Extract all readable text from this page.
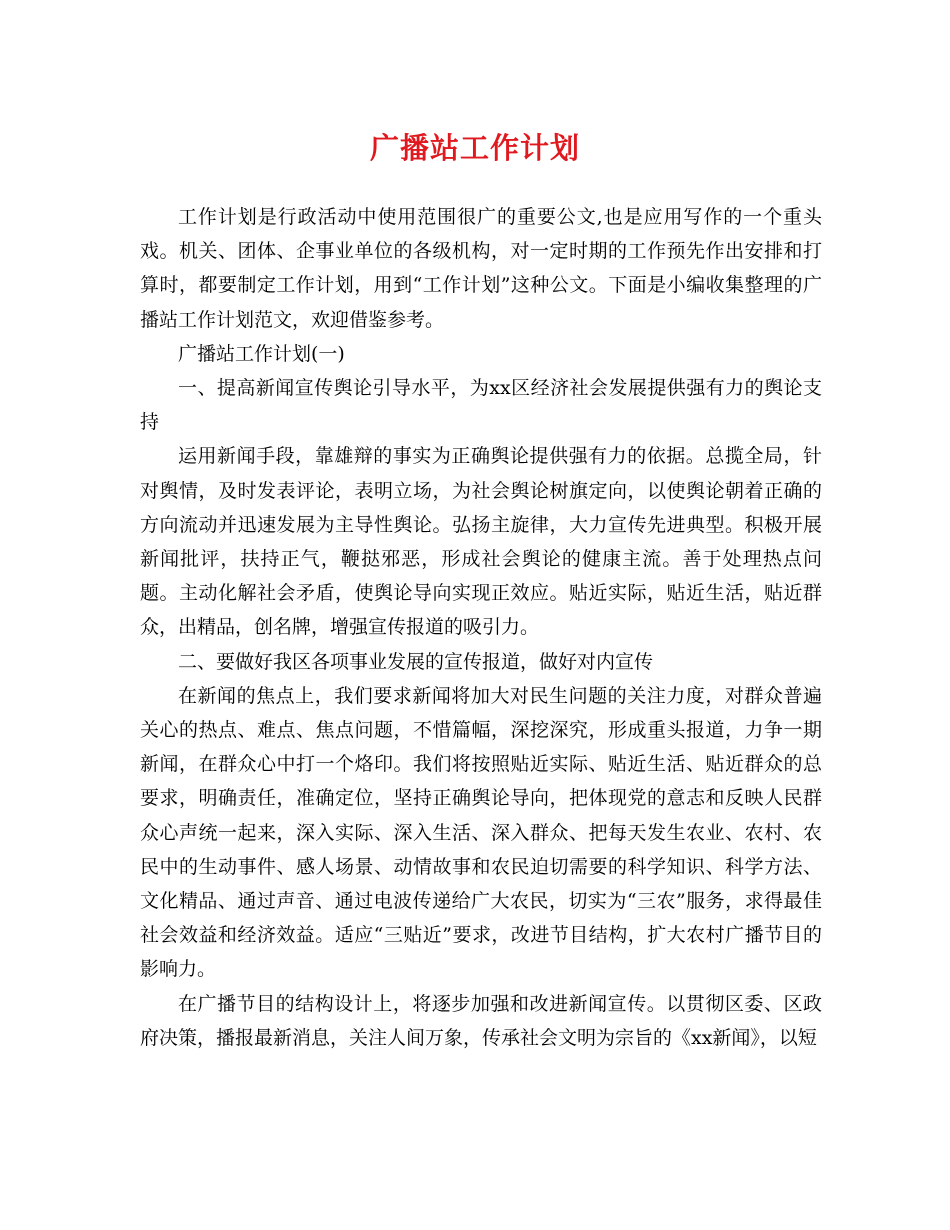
广播站工作计划

工作计划是行政活动中使用范围很广的重要公文,也是应用写作的一个重头戏。机关、团体、企事业单位的各级机构，对一定时期的工作预先作出安排和打算时，都要制定工作计划，用到“工作计划”这种公文。下面是小编收集整理的广播站工作计划范文，欢迎借鉴参考。

广播站工作计划(一)

一、提高新闻宣传舆论引导水平，为xx区经济社会发展提供强有力的舆论支持

运用新闻手段，靠雄辩的事实为正确舆论提供强有力的依据。总揽全局，针对舆情，及时发表评论，表明立场，为社会舆论树旗定向，以使舆论朝着正确的方向流动并迅速发展为主导性舆论。弘扬主旋律，大力宣传先进典型。积极开展新闻批评，扶持正气，鞭挞邪恶，形成社会舆论的健康主流。善于处理热点问题。主动化解社会矛盾，使舆论导向实现正效应。贴近实际，贴近生活，贴近群众，出精品，创名牌，增强宣传报道的吸引力。

二、要做好我区各项事业发展的宣传报道，做好对内宣传

在新闻的焦点上，我们要求新闻将加大对民生问题的关注力度，对群众普遍关心的热点、难点、焦点问题，不惜篇幅，深挖深究，形成重头报道，力争一期新闻，在群众心中打一个烙印。我们将按照贴近实际、贴近生活、贴近群众的总要求，明确责任，准确定位，坚持正确舆论导向，把体现党的意志和反映人民群众心声统一起来，深入实际、深入生活、深入群众、把每天发生农业、农村、农民中的生动事件、感人场景、动情故事和农民迫切需要的科学知识、科学方法、文化精品、通过声音、通过电波传递给广大农民，切实为“三农”服务，求得最佳社会效益和经济效益。适应“三贴近”要求，改进节目结构，扩大农村广播节目的影响力。

在广播节目的结构设计上，将逐步加强和改进新闻宣传。以贯彻区委、区政府决策，播报最新消息，关注人间万象，传承社会文明为宗旨的《xx新闻》，以短
